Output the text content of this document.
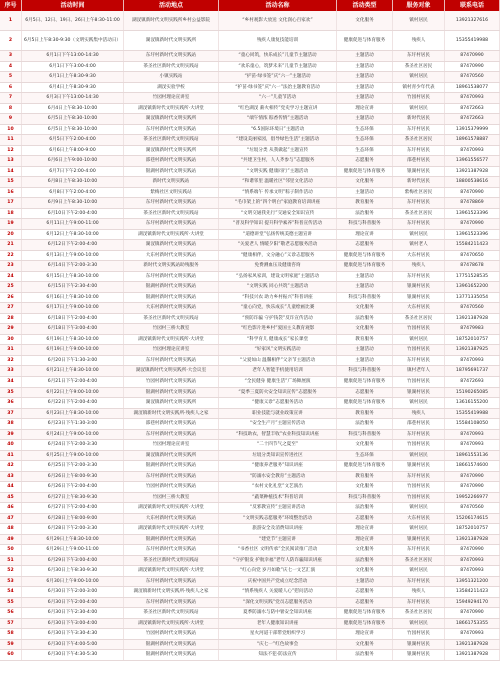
序号	活动时间	活动地点	活动名称	活动类型	服务对象	联系电话
1	6月5日、12日、19日、26日上午8:30-11:00	湖汊镇新时代文明实践所乡村公益影院	“乡村观影大放送 文化润心百家欢”	文化服务	镇村居民	13921327616
2	6月5日上午8:30-9:30（文明实践集中活动日）	湖汊镇新时代文明实践所	残疾人康复技能培训	健康促进与体育服务	残疾人	15355419988
3	6月1日下午13:00-14:30	东圩村新时代文明实践站	“童心同筑，快乐成长”儿童节主题活动	主题活动	东圩村居民	87470990
4	6月1日下午3:00-4:00	茶圣社区新时代文明实践站	“欢乐童心，筑梦未来”儿童节主题活动	主题活动	茶圣社区居民	87470990
5	6月1日上午8:30-9:30	小镇实践站	“护苗·绿书签”庆“六一”主题活动	主题活动	镇村居民	87470560
6	6月4日上午8:30-9:30	湖汊实验学校	“护苗·绿书签”庆“六一”法治主题教育活动	主题活动	镇村青少年代表	18961538077
7	6月3日下午13:00-14:30	竹园村理论宣讲室	“六一”儿童节活动	主题活动	竹园村居民	87470993
8	6月4日上午8:30-10:00	湖汊镇新时代文明实践所·大讲堂	“红色湖汊 薪火相传”党史学习主题宣讲	理论宣讲	镇村居民	87472663
9	6月5日上午8:30-10:00	湖汊镇新时代文明实践所	“端午情浓 粽香传情”主题活动	主题活动	新时代居民	87472663
10	6月5日上午8:30-10:00	东圩村新时代文明实践站	“6.5国际环境日”主题活动	生态环保	东圩村居民	13915379999
11	6月5日下午2:00-4:00	茶圣社区新时代文明实践站	“建设美丽家园，倡导绿色生活”主题活动	生态环保	茶圣社区居民	18961578887
12	6月6日上午8:00-9:00	湖汊镇新时代文明实践所	“垃圾分类 从我做起”主题宣传	生态环保	东圩村居民	87470993
13	6月6日上午9:00-10:00	邵巷村新时代文明实践站	“共建卫生村，人人齐参与”志愿服务	志愿服务	邵巷村居民	13961556577
14	6月7日下午2:00-4:00	银湖村新时代文明实践站	“文明实践 健康同行”主题活动	健康促进与体育服务	银湖村居民	13921387928
15	6月8日上午8:30-10:00	新时代文明实践站	“和谐邻里 温暖社区”邻里文化活动	文化服务	新时代居民	18800538616
16	6月8日下午2:00-4:00	紫梅社区文明实践站	“情系端午 传承文明”粽子制作活动	主题活动	紫梅社区居民	87470990
17	6月9日上午8:30-10:00	东圩村新时代文明实践站	“毛巾架上的“四个明白”家庭教育培训讲座	教育服务	东圩村居民	87478869
18	6月10日下午2:00-4:00	茶圣社区新时代文明实践站	“文明交通我先行”交通安全知识宣传	法治服务	茶圣社区居民	13961523396
19	6月11日上午9:00-11:00	东圩村新时代文明实践站	“普及科学知识 提升科学素养”科普宣传活动	科技与科普服务	东圩村居民	87470990
20	6月12日上午8:30-10:00	湖汊镇新时代文明实践所·大讲堂	“道德讲堂”弘扬传统美德主题宣讲	理论宣讲	镇村居民	13961523396
21	6月12日下午2:00-4:00	湖汊镇新时代文明实践站	“关爱老人 情暖夕阳”敬老志愿服务活动	志愿服务	镇村老人	15584211423
22	6月13日上午9:00-10:00	大东村新时代文明实践站	“健康相伴，文分融心”义诊志愿服务	健康促进与体育服务	大东村居民	87470650
23	6月14日下午2:00-3:30	新时代文明实践站助残服务	免费测血压及健康咨询	健康促进与体育服务	残疾人	87478678
24	6月15日上午8:30-10:00	东圩村新时代文明实践站	“弘扬家风家训，建设文明家庭”主题活动	主题活动	东圩村居民	17751528535
25	6月15日下午2:30-4:00	银湖村新时代文明实践站	“文明实践 同心共筑”主题活动	主题活动	银湖村居民	13961652200
26	6月16日上午8:30-10:00	银湖村新时代文明实践站	“科技兴农 助力乡村振兴”科普讲座	科技与科普服务	银湖村居民	13771335054
27	6月17日上午9:00-10:00	大东村新时代文明实践站	“童心向党，快乐成长”儿童绘画比赛	文化服务	大东村居民	87470560
28	6月18日下午2:00-4:00	茶圣社区新时代文明实践站	“预防诈骗 守护钱袋”反诈宣传活动	法治服务	茶圣社区居民	13921387928
29	6月18日下午3:00-4:00	竹园村三桥大教室	“红色影片进乡村”爱国主义教育观影	文化服务	竹园村居民	87479983
30	6月19日上午8:30-10:00	湖汊镇新时代文明实践所·大讲堂	“科学育儿 健康成长”家长课堂	教育服务	镇村居民	18752010757
31	6月19日上午9:00-10:00	竹园村理论宣讲室	“好家风”文明实践活动	主题活动	竹园村居民	13921387925
32	6月20日下午1:30-3:00	东圩村新时代文明实践站	“父爱如山 温馨相伴”父亲节主题活动	主题活动	东圩村居民	87470993
33	6月21日上午8:30-10:00	湖汊镇新时代文明实践所·大会议室	老年人智能手机使用培训	科技与科普服务	镇村老年人	18795691737
34	6月21日下午2:00-4:00	竹园村新时代文明实践站	“全民健身 健康生活”广场舞展演	健康促进与体育服务	竹园村居民	87472693
35	6月22日上午9:00-10:00	银湖村新时代文明实践站	“夏季三夏防火安全知识宣传”志愿服务	志愿服务	银湖村居民	15190265085
36	6月22日下午2:00-4:00	湖汊镇新时代文明实践所	“健康义诊”志愿服务活动	健康促进与体育服务	镇村居民	13616155200
37	6月23日上午8:30-10:00	湖汊镇新时代文明实践所·残疾人之家	职业技能与就业政策宣讲	教育服务	残疾人	15355419988
38	6月23日下午1:30-3:00	邵巷村新时代文明实践站	“安全生产月”主题宣传活动	法治服务	邵巷村居民	15584108050
39	6月24日上午9:00-10:00	东圩村新时代文明实践站	“科技助农，智慧丰收”农业科技知识讲座	科技与科普服务	东圩村居民	87470993
40	6月24日下午2:00-3:30	竹园村理论宣讲室	“二十四节气之夏至”	文化服务	竹园村居民	87470993
41	6月25日上午9:00-10:00	湖汊镇新时代文明实践所	垃圾分类知识宣传进社区	生态环保	镇村居民	18961553136
42	6月25日下午2:00-3:30	银湖村新时代文明实践站	“健康养老服务”知识讲座	健康促进与体育服务	银湖村居民	18661574600
43	6月26日上午8:00-9:30	东圩村新时代文明实践站	“防溺水安全教育”主题活动	教育服务	东圩村居民	87470990
44	6月26日下午2:00-4:00	竹园村新时代文明实践站	“农村文化礼堂”文艺演出	文化服务	竹园村居民	87470990
45	6月27日上午8:30-9:30	竹园村三桥大教室	“蔬菜种植技术”科普培训	科技与科普服务	竹园村居民	19952266977
46	6月27日下午2:00-4:00	湖汊镇新时代文明实践所·大讲堂	“反邪教宣传”主题宣讲活动	法治服务	镇村居民	87470560
47	6月28日上午8:00-9:00	大东村新时代文明实践站	“文明实践志愿服务”环境整治活动	志愿服务	大东村居民	15206174615
48	6月28日下午2:00-3:30	湖汊镇新时代文明实践所·大讲堂	旅游安全及消费知识讲座	理论宣讲	镇村居民	18752010757
49	6月29日上午8:30-10:00	银湖村新时代文明实践站	“建党节”主题宣讲	理论宣讲	银湖村居民	13921387928
50	6月29日上午9:00-11:00	东圩村新时代文明实践站	“书香社区 文明传承”全民阅读推广活动	文化服务	东圩村居民	87470990
51	6月29日下午3:00-4:00	茶圣社区新时代文明实践站	“守护银发 护航幸福”老年人防诈骗知识讲座	法治服务	茶圣社区居民	87470993
52	6月30日上午8:30-9:30	湖汊镇新时代文明实践所·大讲堂	“红心向党 岁月如歌”庆七一文艺汇演	文化服务	镇村居民	87470993
53	6月30日上午9:00-10:00	东圩村新时代文明实践站	庆祝中国共产党成立纪念活动	主题活动	东圩村居民	13951321200
54	6月30日下午2:00-3:00	湖汊镇新时代文明实践所·残疾人之家	“情系残疾人 关爱暖人心”慰问活动	志愿服务	残疾人	13584211423
55	6月30日下午2:00-4:00	东圩村新时代文明实践站	“深化文明实践”党员志愿服务活动	志愿服务	东圩村居民	15949294170
56	6月30日下午2:30-4:00	茶圣社区新时代文明实践站	夏季防溺水与防中暑安全知识讲座	健康促进与体育服务	茶圣社区居民	87470990
57	6月30日下午3:00-4:00	湖汊镇新时代文明实践所·大讲堂	老年人健康知识讲座	健康促进与体育服务	镇村居民	18661753355
58	6月30日下午3:30-4:30	竹园村新时代文明实践站	星火河道干部带党组织学习	理论宣讲	竹园村居民	87470993
59	6月30日下午4:00-5:00	银湖村新时代文明实践站	“庆七一”红色故事会	文化服务	银湖村居民	13921387928
60	6月30日下午4:30-5:30	银湖村新时代文明实践站	知法不犯·防法宣传	法治服务	银湖村居民	13921387928
